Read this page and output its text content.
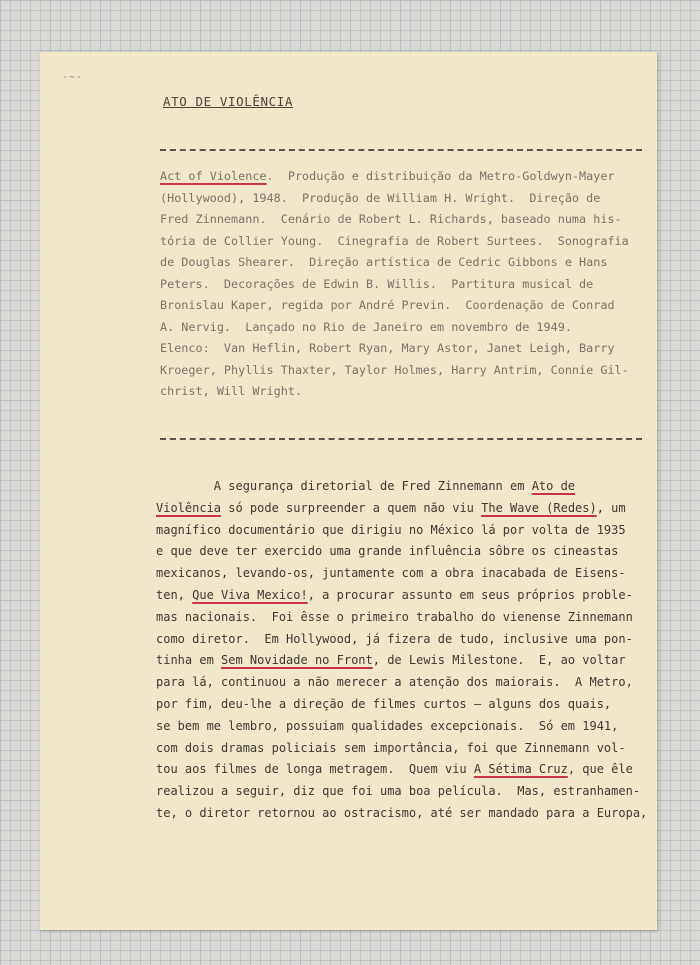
-~-
ATO DE VIOLÊNCIA
Act of Violence.  Produção e distribuição da Metro-Goldwyn-Mayer
(Hollywood), 1948.  Produção de William H. Wright.  Direção de
Fred Zinnemann.  Cenário de Robert L. Richards, baseado numa his-
tória de Collier Young.  Cinegrafia de Robert Surtees.  Sonografia
de Douglas Shearer.  Direção artística de Cedric Gibbons e Hans
Peters.  Decorações de Edwin B. Willis.  Partitura musical de
Bronislau Kaper, regida por André Previn.  Coordenação de Conrad
A. Nervig.  Lançado no Rio de Janeiro em novembro de 1949.
Elenco:  Van Heflin, Robert Ryan, Mary Astor, Janet Leigh, Barry
Kroeger, Phyllis Thaxter, Taylor Holmes, Harry Antrim, Connie Gil-
christ, Will Wright.
A segurança diretorial de Fred Zinnemann em Ato de
Violência só pode surpreender a quem não viu The Wave (Redes), um
magnífico documentário que dirigiu no México lá por volta de 1935
e que deve ter exercido uma grande influência sôbre os cineastas
mexicanos, levando-os, juntamente com a obra inacabada de Eisens-
ten, Que Viva Mexico!, a procurar assunto em seus próprios proble-
mas nacionais.  Foi êsse o primeiro trabalho do vienense Zinnemann
como diretor.  Em Hollywood, já fizera de tudo, inclusive uma pon-
tinha em Sem Novidade no Front, de Lewis Milestone.  E, ao voltar
para lá, continuou a não merecer a atenção dos maiorais.  A Metro,
por fim, deu-lhe a direção de filmes curtos — alguns dos quais,
se bem me lembro, possuiam qualidades excepcionais.  Só em 1941,
com dois dramas policiais sem importância, foi que Zinnemann vol-
tou aos filmes de longa metragem.  Quem viu A Sétima Cruz, que êle
realizou a seguir, diz que foi uma boa película.  Mas, estranhamen-
te, o diretor retornou ao ostracismo, até ser mandado para a Europa,
